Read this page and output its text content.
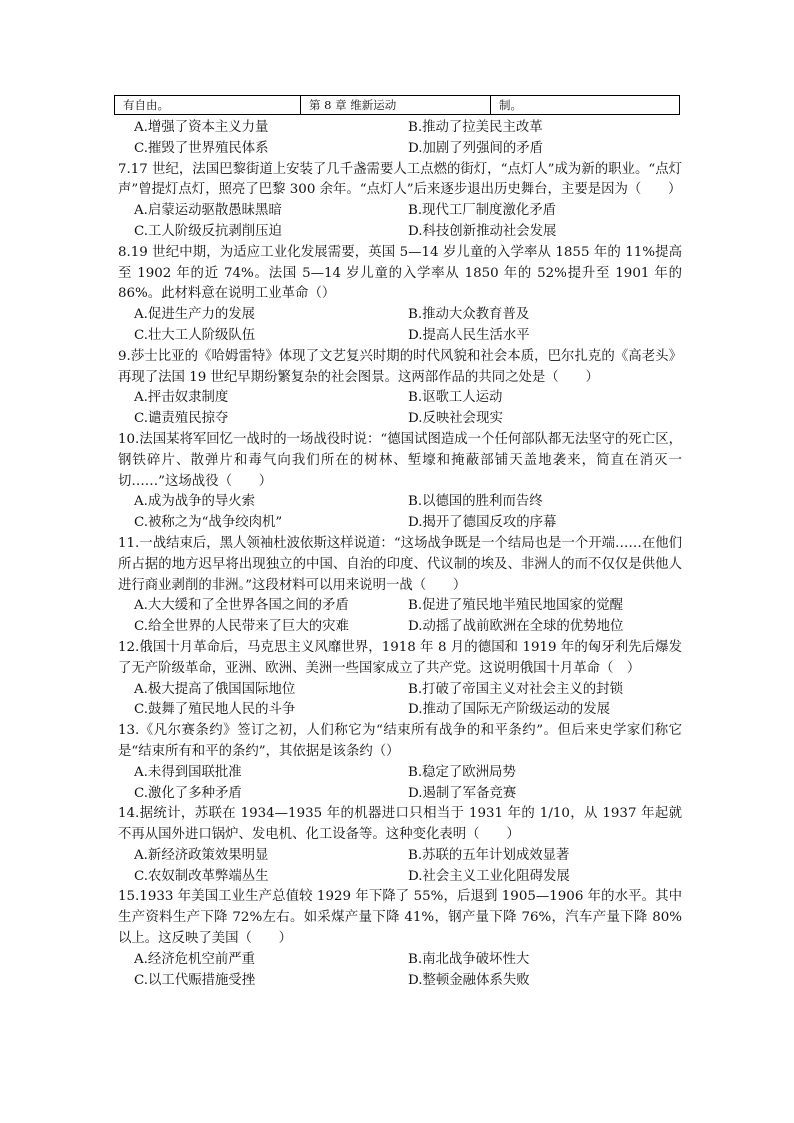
有自由。	第 8 章 维新运动	制。
A.增强了资本主义力量	B.推动了拉美民主改革
C.摧毁了世界殖民体系	D.加剧了列强间的矛盾

7.17 世纪，法国巴黎街道上安装了几千盏需要人工点燃的街灯，“点灯人”成为新的职业。“点灯声”曾提灯点灯，照亮了巴黎 300 余年。“点灯人”后来逐步退出历史舞台，主要是因为（　　）

A.启蒙运动驱散愚昧黑暗	B.现代工厂制度激化矛盾
C.工人阶级反抗剥削压迫	D.科技创新推动社会发展

8.19 世纪中期，为适应工业化发展需要，英国 5—14 岁儿童的入学率从 1855 年的 11%提高至 1902 年的近 74%。法国 5—14 岁儿童的入学率从 1850 年的 52%提升至 1901 年的 86%。此材料意在说明工业革命（）

A.促进生产力的发展	B.推动大众教育普及
C.壮大工人阶级队伍	D.提高人民生活水平

9.莎士比亚的《哈姆雷特》体现了文艺复兴时期的时代风貌和社会本质，巴尔扎克的《高老头》再现了法国 19 世纪早期纷繁复杂的社会图景。这两部作品的共同之处是（　　）

A.抨击奴隶制度	B.讴歌工人运动
C.谴责殖民掠夺	D.反映社会现实

10.法国某将军回忆一战时的一场战役时说：“德国试图造成一个任何部队都无法坚守的死亡区，钢铁碎片、散弹片和毒气向我们所在的树林、堑壕和掩蔽部铺天盖地袭来，简直在消灭一切……”这场战役（　　）

A.成为战争的导火索	B.以德国的胜利而告终
C.被称之为“战争绞肉机”	D.揭开了德国反攻的序幕

11.一战结束后，黑人领袖杜波依斯这样说道：“这场战争既是一个结局也是一个开端……在他们所占据的地方迟早将出现独立的中国、自治的印度、代议制的埃及、非洲人的而不仅仅是供他人进行商业剥削的非洲。”这段材料可以用来说明一战（　　）

A.大大缓和了全世界各国之间的矛盾	B.促进了殖民地半殖民地国家的觉醒
C.给全世界的人民带来了巨大的灾难	D.动摇了战前欧洲在全球的优势地位

12.俄国十月革命后，马克思主义风靡世界，1918 年 8 月的德国和 1919 年的匈牙利先后爆发了无产阶级革命，亚洲、欧洲、美洲一些国家成立了共产党。这说明俄国十月革命（　）

A.极大提高了俄国国际地位	B.打破了帝国主义对社会主义的封锁
C.鼓舞了殖民地人民的斗争	D.推动了国际无产阶级运动的发展

13.《凡尔赛条约》签订之初，人们称它为“结束所有战争的和平条约”。但后来史学家们称它是“结束所有和平的条约”，其依据是该条约（）

A.未得到国联批准	B.稳定了欧洲局势
C.激化了多种矛盾	D.遏制了军备竞赛

14.据统计，苏联在 1934—1935 年的机器进口只相当于 1931 年的 1/10，从 1937 年起就不再从国外进口锅炉、发电机、化工设备等。这种变化表明（　　）

A.新经济政策效果明显	B.苏联的五年计划成效显著
C.农奴制改革弊端丛生	D.社会主义工业化阻碍发展

15.1933 年美国工业生产总值较 1929 年下降了 55%，后退到 1905—1906 年的水平。其中生产资料生产下降 72%左右。如采煤产量下降 41%，钢产量下降 76%，汽车产量下降 80%以上。这反映了美国（　　）

A.经济危机空前严重	B.南北战争破坏性大
C.以工代赈措施受挫	D.整顿金融体系失败
